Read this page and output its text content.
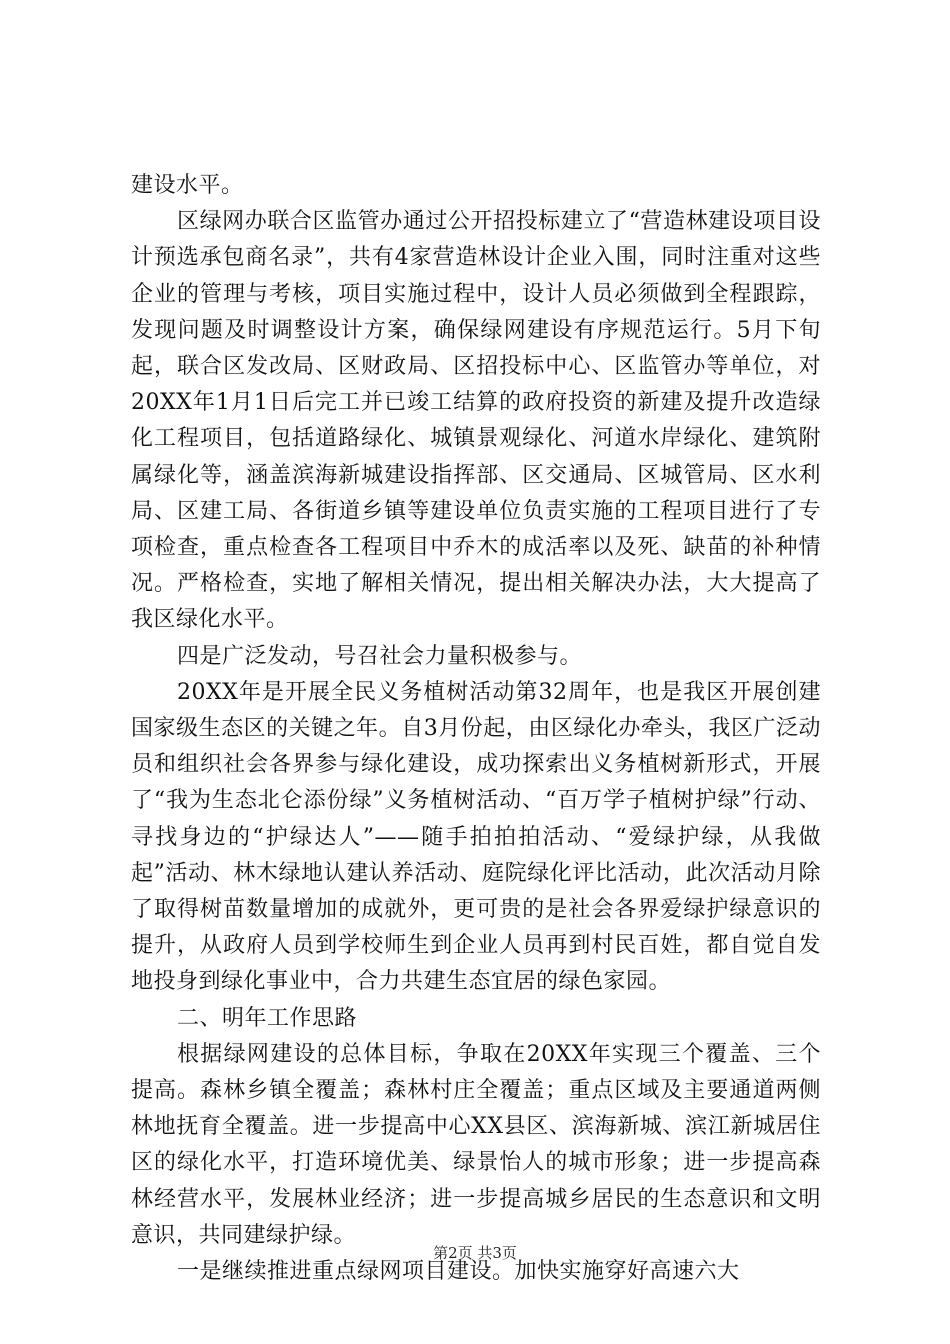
建设水平。

区绿网办联合区监管办通过公开招投标建立了“营造林建设项目设计预选承包商名录”，共有4家营造林设计企业入围，同时注重对这些企业的管理与考核，项目实施过程中，设计人员必须做到全程跟踪，发现问题及时调整设计方案，确保绿网建设有序规范运行。5月下旬起，联合区发改局、区财政局、区招投标中心、区监管办等单位，对20XX年1月1日后完工并已竣工结算的政府投资的新建及提升改造绿化工程项目，包括道路绿化、城镇景观绿化、河道水岸绿化、建筑附属绿化等，涵盖滨海新城建设指挥部、区交通局、区城管局、区水利局、区建工局、各街道乡镇等建设单位负责实施的工程项目进行了专项检查，重点检查各工程项目中乔木的成活率以及死、缺苗的补种情况。严格检查，实地了解相关情况，提出相关解决办法，大大提高了我区绿化水平。

四是广泛发动，号召社会力量积极参与。

20XX年是开展全民义务植树活动第32周年，也是我区开展创建国家级生态区的关键之年。自3月份起，由区绿化办牵头，我区广泛动员和组织社会各界参与绿化建设，成功探索出义务植树新形式，开展了“我为生态北仑添份绿”义务植树活动、“百万学子植树护绿”行动、寻找身边的“护绿达人”——随手拍拍拍活动、“爱绿护绿，从我做起”活动、林木绿地认建认养活动、庭院绿化评比活动，此次活动月除了取得树苗数量增加的成就外，更可贵的是社会各界爱绿护绿意识的提升，从政府人员到学校师生到企业人员再到村民百姓，都自觉自发地投身到绿化事业中，合力共建生态宜居的绿色家园。

二、明年工作思路

根据绿网建设的总体目标，争取在20XX年实现三个覆盖、三个提高。森林乡镇全覆盖；森林村庄全覆盖；重点区域及主要通道两侧林地抚育全覆盖。进一步提高中心XX县区、滨海新城、滨江新城居住区的绿化水平，打造环境优美、绿景怡人的城市形象；进一步提高森林经营水平，发展林业经济；进一步提高城乡居民的生态意识和文明意识，共同建绿护绿。

一是继续推进重点绿网项目建设。加快实施穿好高速六大

第2页 共3页
